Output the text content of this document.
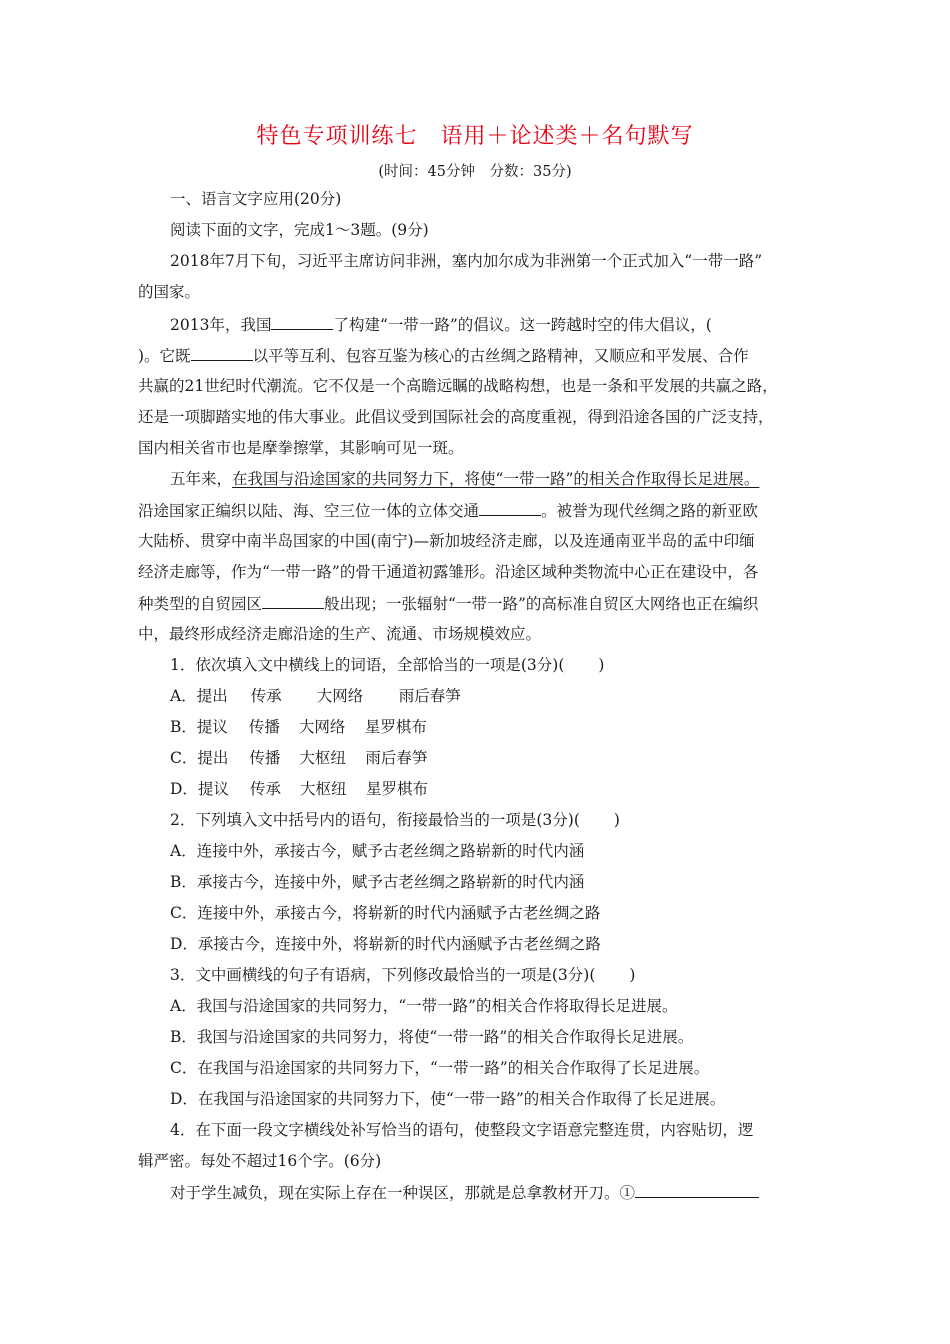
特色专项训练七　语用＋论述类＋名句默写
(时间：45分钟　分数：35分)
一、语言文字应用(20分)
阅读下面的文字，完成1～3题。(9分)
2018年7月下旬，习近平主席访问非洲，塞内加尔成为非洲第一个正式加入“一带一路”
的国家。
2013年，我国	了构建“一带一路”的倡议。这一跨越时空的伟大倡议，(
)。它既	以平等互利、包容互鉴为核心的古丝绸之路精神，又顺应和平发展、合作
共赢的21世纪时代潮流。它不仅是一个高瞻远瞩的战略构想，也是一条和平发展的共赢之路，
还是一项脚踏实地的伟大事业。此倡议受到国际社会的高度重视，得到沿途各国的广泛支持，
国内相关省市也是摩拳擦掌，其影响可见一斑。
五年来，在我国与沿途国家的共同努力下，将使“一带一路”的相关合作取得长足进展。
沿途国家正编织以陆、海、空三位一体的立体交通	。被誉为现代丝绸之路的新亚欧
大陆桥、贯穿中南半岛国家的中国(南宁)—新加坡经济走廊，以及连通南亚半岛的孟中印缅
经济走廊等，作为“一带一路”的骨干通道初露雏形。沿途区域种类物流中心正在建设中，各
种类型的自贸园区	般出现；一张辐射“一带一路”的高标准自贸区大网络也正在编织
中，最终形成经济走廊沿途的生产、流通、市场规模效应。
1．依次填入文中横线上的词语，全部恰当的一项是(3分)( )
A．提出 传承 大网络 雨后春笋
B．提议 传播 大网络 星罗棋布
C．提出 传播 大枢纽 雨后春笋
D．提议 传承 大枢纽 星罗棋布
2．下列填入文中括号内的语句，衔接最恰当的一项是(3分)( )
A．连接中外，承接古今，赋予古老丝绸之路崭新的时代内涵
B．承接古今，连接中外，赋予古老丝绸之路崭新的时代内涵
C．连接中外，承接古今，将崭新的时代内涵赋予古老丝绸之路
D．承接古今，连接中外，将崭新的时代内涵赋予古老丝绸之路
3．文中画横线的句子有语病，下列修改最恰当的一项是(3分)( )
A．我国与沿途国家的共同努力，“一带一路”的相关合作将取得长足进展。
B．我国与沿途国家的共同努力，将使“一带一路”的相关合作取得长足进展。
C．在我国与沿途国家的共同努力下，“一带一路”的相关合作取得了长足进展。
D．在我国与沿途国家的共同努力下，使“一带一路”的相关合作取得了长足进展。
4．在下面一段文字横线处补写恰当的语句，使整段文字语意完整连贯，内容贴切，逻
辑严密。每处不超过16个字。(6分)
对于学生减负，现在实际上存在一种误区，那就是总拿教材开刀。①
